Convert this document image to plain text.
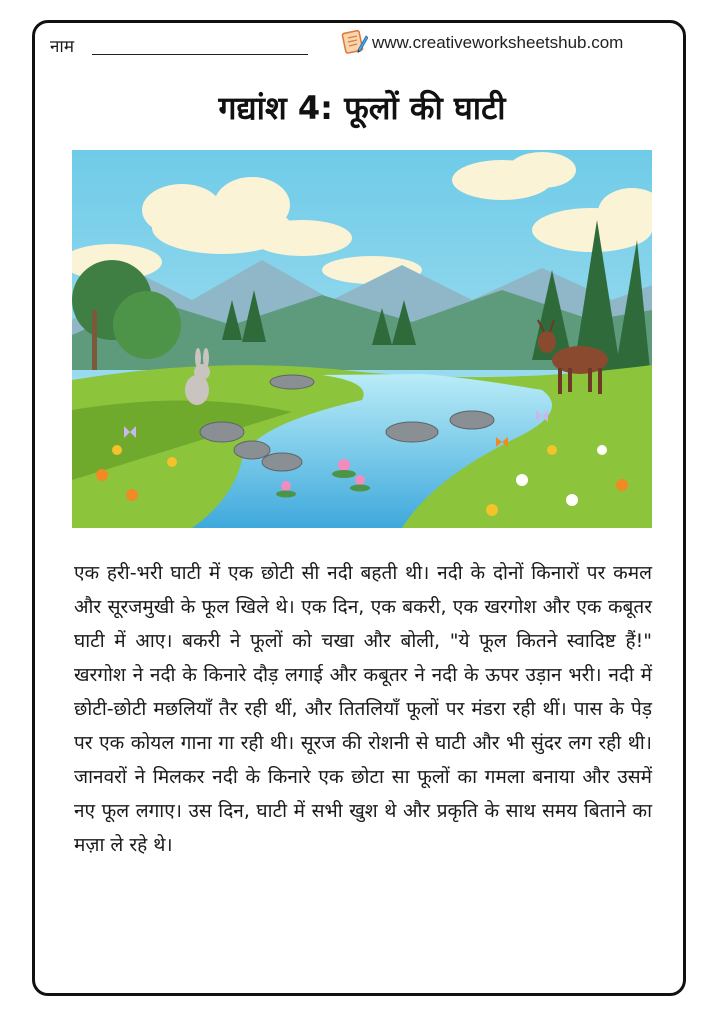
नाम	www.creativeworksheetshub.com
गद्यांश 4: फूलों की घाटी

एक हरी-भरी घाटी में एक छोटी सी नदी बहती थी। नदी के दोनों किनारों पर कमल और सूरजमुखी के फूल खिले थे। एक दिन, एक बकरी, एक खरगोश और एक कबूतर घाटी में आए। बकरी ने फूलों को चखा और बोली, "ये फूल कितने स्वादिष्ट हैं!" खरगोश ने नदी के किनारे दौड़ लगाई और कबूतर ने नदी के ऊपर उड़ान भरी। नदी में छोटी-छोटी मछलियाँ तैर रही थीं, और तितलियाँ फूलों पर मंडरा रही थीं। पास के पेड़ पर एक कोयल गाना गा रही थी। सूरज की रोशनी से घाटी और भी सुंदर लग रही थी। जानवरों ने मिलकर नदी के किनारे एक छोटा सा फूलों का गमला बनाया और उसमें नए फूल लगाए। उस दिन, घाटी में सभी खुश थे और प्रकृति के साथ समय बिताने का मज़ा ले रहे थे।
